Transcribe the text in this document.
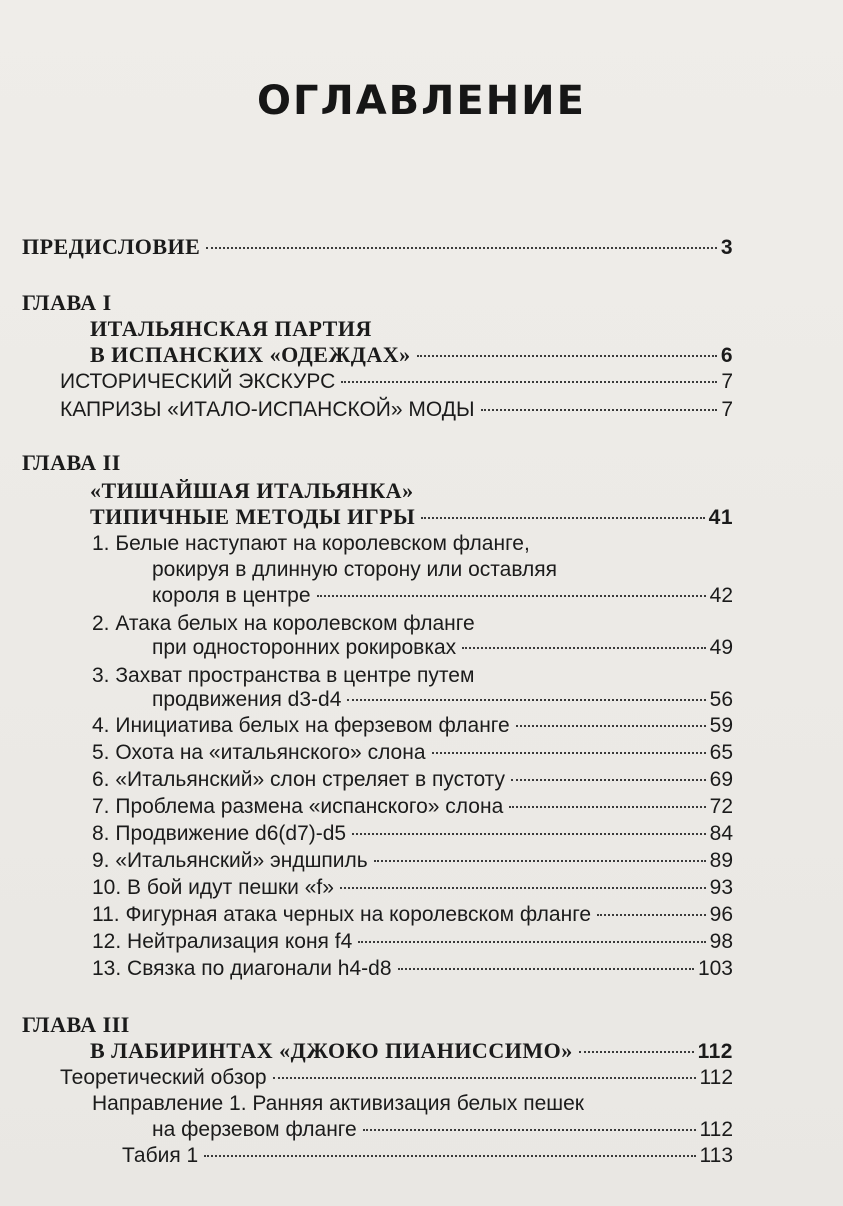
ОГЛАВЛЕНИЕ
ПРЕДИСЛОВИЕ	3
ГЛАВА I
ИТАЛЬЯНСКАЯ ПАРТИЯ
В ИСПАНСКИХ «ОДЕЖДАХ»	6
ИСТОРИЧЕСКИЙ ЭКСКУРС	7
КАПРИЗЫ «ИТАЛО-ИСПАНСКОЙ» МОДЫ	7
ГЛАВА II
«ТИШАЙШАЯ ИТАЛЬЯНКА»
ТИПИЧНЫЕ МЕТОДЫ ИГРЫ	41
1. Белые наступают на королевском фланге,
рокируя в длинную сторону или оставляя
короля в центре	42
2. Атака белых на королевском фланге
при односторонних рокировках	49
3. Захват пространства в центре путем
продвижения d3-d4	56
4. Инициатива белых на ферзевом фланге	59
5. Охота на «итальянского» слона	65
6. «Итальянский» слон стреляет в пустоту	69
7. Проблема размена «испанского» слона	72
8. Продвижение d6(d7)-d5	84
9. «Итальянский» эндшпиль	89
10. В бой идут пешки «f»	93
11. Фигурная атака черных на королевском фланге	96
12. Нейтрализация коня f4	98
13. Связка по диагонали h4-d8	103
ГЛАВА III
В ЛАБИРИНТАХ «ДЖОКО ПИАНИССИМО»	112
Теоретический обзор	112
Направление 1. Ранняя активизация белых пешек
на ферзевом фланге	112
Табия 1	113
